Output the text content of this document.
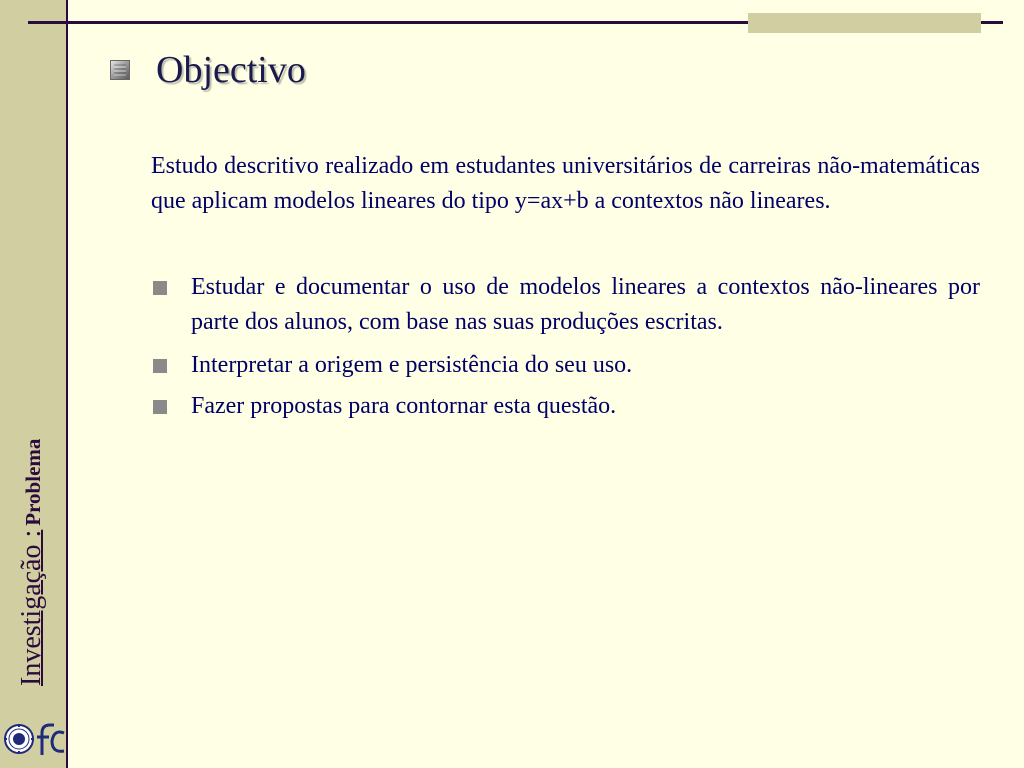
Objectivo
Estudo descritivo realizado em estudantes universitários de carreiras não-matemáticas que aplicam modelos lineares do tipo y=ax+b a contextos não lineares.
Estudar e documentar o uso de modelos lineares a contextos não-lineares por parte dos alunos, com base nas suas produções escritas.
Interpretar a origem e persistência do seu uso.
Fazer propostas para contornar esta questão.
Investigação : Problema
